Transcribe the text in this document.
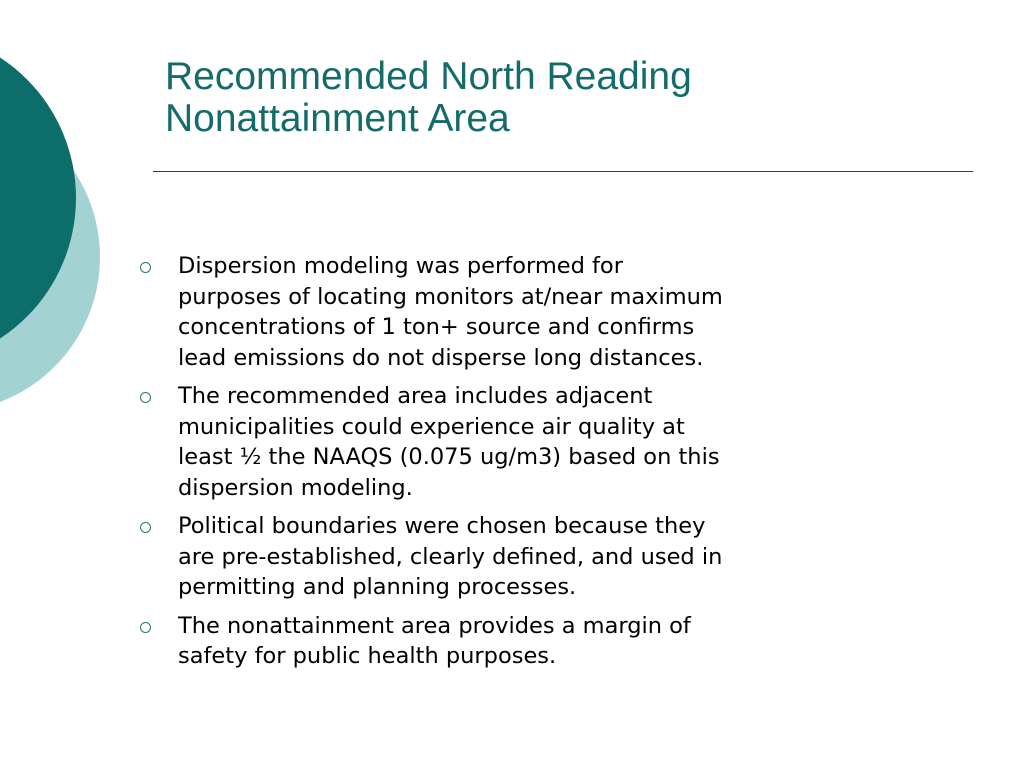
Recommended North Reading
Nonattainment Area
Dispersion modeling was performed for
purposes of locating monitors at/near maximum
concentrations of 1 ton+ source and confirms
lead emissions do not disperse long distances.
The recommended area includes adjacent
municipalities could experience air quality at
least ½ the NAAQS (0.075 ug/m3) based on this
dispersion modeling.
Political boundaries were chosen because they
are pre-established, clearly defined, and used in
permitting and planning processes.
The nonattainment area provides a margin of
safety for public health purposes.
